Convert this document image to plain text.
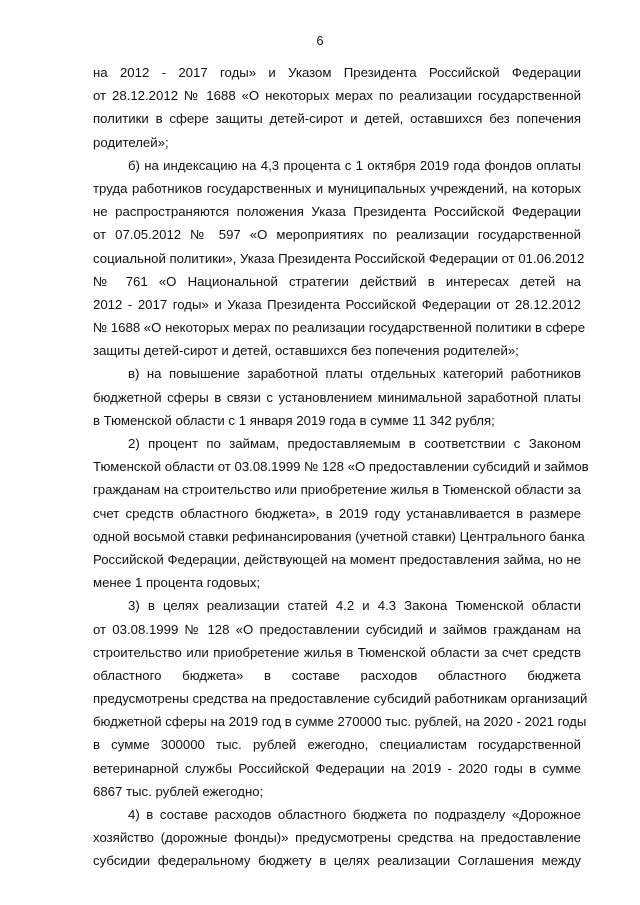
6
на 2012 - 2017 годы» и Указом Президента Российской Федерации
от 28.12.2012 № 1688 «О некоторых мерах по реализации государственной
политики в сфере защиты детей-сирот и детей, оставшихся без попечения
родителей»;
б) на индексацию на 4,3 процента с 1 октября 2019 года фондов оплаты
труда работников государственных и муниципальных учреждений, на которых
не распространяются положения Указа Президента Российской Федерации
от 07.05.2012 № 597 «О мероприятиях по реализации государственной
социальной политики», Указа Президента Российской Федерации от 01.06.2012
№ 761 «О Национальной стратегии действий в интересах детей на
2012 - 2017 годы» и Указа Президента Российской Федерации от 28.12.2012
№ 1688 «О некоторых мерах по реализации государственной политики в сфере
защиты детей-сирот и детей, оставшихся без попечения родителей»;
в) на повышение заработной платы отдельных категорий работников
бюджетной сферы в связи с установлением минимальной заработной платы
в Тюменской области с 1 января 2019 года в сумме 11 342 рубля;
2) процент по займам, предоставляемым в соответствии с Законом
Тюменской области от 03.08.1999 № 128 «О предоставлении субсидий и займов
гражданам на строительство или приобретение жилья в Тюменской области за
счет средств областного бюджета», в 2019 году устанавливается в размере
одной восьмой ставки рефинансирования (учетной ставки) Центрального банка
Российской Федерации, действующей на момент предоставления займа, но не
менее 1 процента годовых;
3) в целях реализации статей 4.2 и 4.3 Закона Тюменской области
от 03.08.1999 № 128 «О предоставлении субсидий и займов гражданам на
строительство или приобретение жилья в Тюменской области за счет средств
областного бюджета» в составе расходов областного бюджета
предусмотрены средства на предоставление субсидий работникам организаций
бюджетной сферы на 2019 год в сумме 270000 тыс. рублей, на 2020 - 2021 годы
в сумме 300000 тыс. рублей ежегодно, специалистам государственной
ветеринарной службы Российской Федерации на 2019 - 2020 годы в сумме
6867 тыс. рублей ежегодно;
4) в составе расходов областного бюджета по подразделу «Дорожное
хозяйство (дорожные фонды)» предусмотрены средства на предоставление
субсидии федеральному бюджету в целях реализации Соглашения между
